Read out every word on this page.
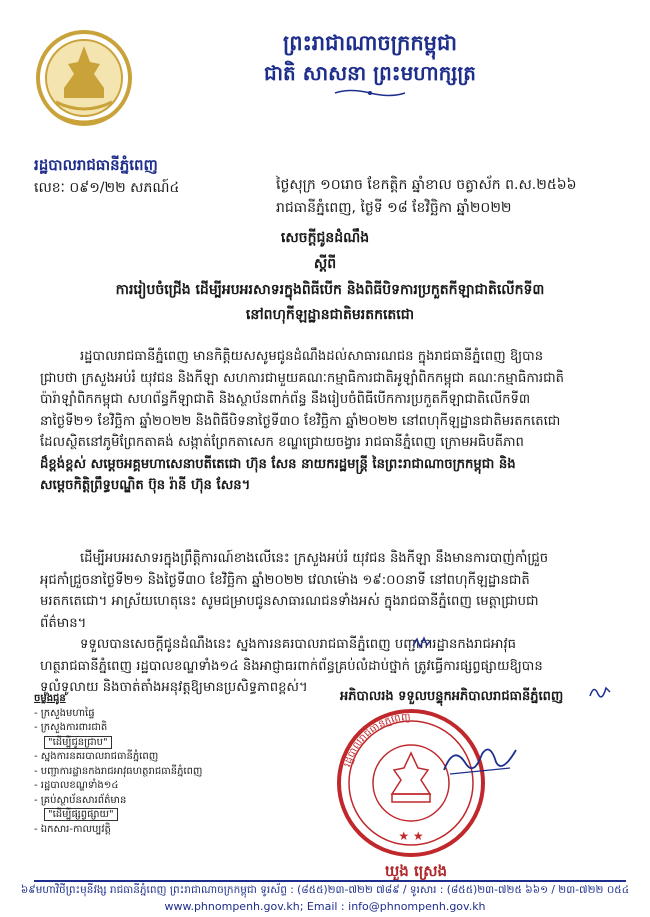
ព្រះរាជាណាចក្រកម្ពុជា
ជាតិ សាសនា ព្រះមហាក្សត្រ
រដ្ឋបាលរាជធានីភ្នំពេញ
លេខៈ ០៩១/២២ សភណ៍៤	ថ្ងៃសុក្រ ១០រោច ខែកត្ដិក ឆ្នាំខាល ចត្វាស័ក ព.ស.២៥៦៦
រាជធានីភ្នំពេញ, ថ្ងៃទី ១៨ ខែវិច្ឆិកា ឆ្នាំ២០២២
សេចក្ដីជូនដំណឹង
ស្ដីពី
ការរៀបចំជ្រើង ដើម្បីអបអរសាទរក្នុងពិធីបើក និងពិធីបិទការប្រកួតកីឡាជាតិលើកទី៣
នៅពហុកីឡដ្ឋានជាតិមរតកតេជោ
រដ្ឋបាលរាជធានីភ្នំពេញ មានកិត្តិយសសូមជូនដំណឹងដល់សាធារណជន ក្នុងរាជធានីភ្នំពេញ ឱ្យបាន
ជ្រាបថា ក្រសួងអប់រំ យុវជន និងកីឡា សហការជាមួយគណៈកម្មាធិការជាតិអូឡាំពិកកម្ពុជា គណៈកម្មាធិការជាតិ
ប៉ារ៉ាឡាំពិកកម្ពុជា សហព័ន្ធកីឡាជាតិ និងស្ថាប័នពាក់ព័ន្ធ នឹងរៀបចំពិធីបើកការប្រកួតកីឡាជាតិលើកទី៣
នាថ្ងៃទី២១ ខែវិច្ឆិកា ឆ្នាំ២០២២ និងពិធីបិទនាថ្ងៃទី៣០ ខែវិច្ឆិកា ឆ្នាំ២០២២ នៅពហុកីឡដ្ឋានជាតិមរតកតេជោ
ដែលស្ថិតនៅភូមិព្រែកតាគង់ សង្កាត់ព្រែកតាសេក ខណ្ឌជ្រោយចង្វារ រាជធានីភ្នំពេញ ក្រោមអធិបតីភាព
ដ៏ខ្ពង់ខ្ពស់ សម្ដេចអគ្គមហាសេនាបតីតេជោ ហ៊ុន សែន នាយករដ្ឋមន្ត្រី នៃព្រះរាជាណាចក្រកម្ពុជា និង
សម្ដេចកិត្តិព្រឹទ្ធបណ្ឌិត ប៊ុន រ៉ានី ហ៊ុន សែន។
ដើម្បីអបអរសាទរក្នុងព្រឹត្តិការណ៍ខាងលើនេះ ក្រសួងអប់រំ យុវជន និងកីឡា នឹងមានការបាញ់កាំជ្រួច
អុជកាំជ្រួចនាថ្ងៃទី២១ និងថ្ងៃទី៣០ ខែវិច្ឆិកា ឆ្នាំ២០២២ វេលាម៉ោង ១៩:០០នាទី នៅពហុកីឡដ្ឋានជាតិ
មរតកតេជោ។ អាស្រ័យហេតុនេះ សូមជម្រាបជូនសាធារណជនទាំងអស់ ក្នុងរាជធានីភ្នំពេញ មេត្តាជ្រាបជា
ព័ត៌មាន។
ទទួលបានសេចក្ដីជូនដំណឹងនេះ ស្នងការនគរបាលរាជធានីភ្នំពេញ បញ្ជាការដ្ឋានកងរាជអាវុធ
ហត្ថរាជធានីភ្នំពេញ រដ្ឋបាលខណ្ឌទាំង១៤ និងអាជ្ញាធរពាក់ព័ន្ធគ្រប់លំដាប់ថ្នាក់ ត្រូវធ្វើការផ្សព្វផ្សាយឱ្យបាន
ទូលំទូលាយ និងចាត់តាំងអនុវត្តឱ្យមានប្រសិទ្ធភាពខ្ពស់។
ចម្លងជូន
- ក្រសួងមហាផ្ទៃ
- ក្រសួងការពារជាតិ
"ដើម្បីជូនជ្រាប"
- ស្នងការនគរបាលរាជធានីភ្នំពេញ
- បញ្ជាការដ្ឋានកងរាជអាវុធហត្ថរាជធានីភ្នំពេញ
- រដ្ឋបាលខណ្ឌទាំង១៤
- គ្រប់ស្ថាប័នសារព័ត៌មាន
"ដើម្បីផ្សព្វផ្សាយ"
- ឯកសារ-កាលប្បវត្តិ
អភិបាលរង ទទួលបន្ទុកអភិបាលរាជធានីភ្នំពេញ
រដ្ឋបាលរាជធានីភ្នំពេញ
★ ★
ឃួង ស្រេង
៦៩មហាវិថីព្រះមុនីវង្ស រាជធានីភ្នំពេញ ព្រះរាជាណាចក្រកម្ពុជា ទូរស័ព្ទ : (៨៥៥)២៣-៧២២ ៧៨៩ / ទូរសារ : (៨៥៥)២៣-៧២៥ ៦៦១ / ២៣-៧២២ ០៥៤
www.phnompenh.gov.kh; Email : info@phnompenh.gov.kh
